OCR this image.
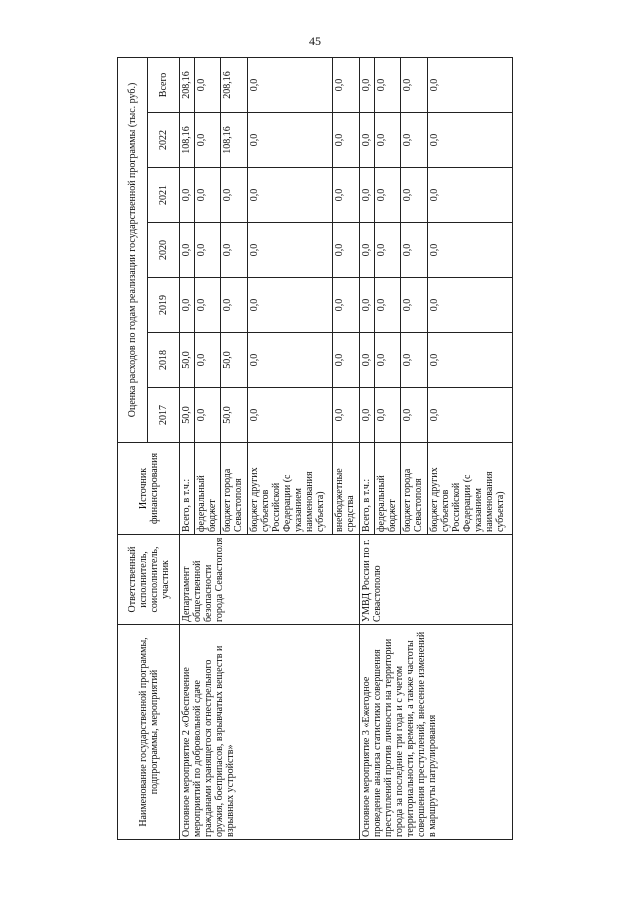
45
Наименование государственной программы, подпрограммы, мероприятий	Ответственный исполнитель, соисполнитель, участник	Источник финансирования	Оценка расходов по годам реализации государственной программы (тыс. руб.)						
			2017	2018	2019	2020	2021	2022	Всего
Основное мероприятие 2 «Обеспечение мероприятий по добровольной сдаче гражданами хранящегося огнестрельного оружия, боеприпасов, взрывчатых веществ и взрывных устройств»	Департамент общественной безопасности города Севастополя	Всего, в т.ч.:	50,0	50,0	0,0	0,0	0,0	108,16	208,16
		федеральный бюджет	0,0	0,0	0,0	0,0	0,0	0,0	0,0
		бюджет города Севастополя	50,0	50,0	0,0	0,0	0,0	108,16	208,16
		бюджет других субъектов Российской Федерации (с указанием наименования субъекта)	0,0	0,0	0,0	0,0	0,0	0,0	0,0
		внебюджетные средства	0,0	0,0	0,0	0,0	0,0	0,0	0,0
Основное мероприятие 3 «Ежегодное проведение анализа статистики совершения преступлений против личности на территории города за последние три года и с учетом территориальности, времени, а также частоты совершения преступлений, внесение изменений в маршруты патрулирования	УМВД России по г. Севастополю	Всего, в т.ч.:	0,0	0,0	0,0	0,0	0,0	0,0	0,0
		федеральный бюджет	0,0	0,0	0,0	0,0	0,0	0,0	0,0
		бюджет города Севастополя	0,0	0,0	0,0	0,0	0,0	0,0	0,0
		бюджет других субъектов Российской Федерации (с указанием наименования субъекта)	0,0	0,0	0,0	0,0	0,0	0,0	0,0
